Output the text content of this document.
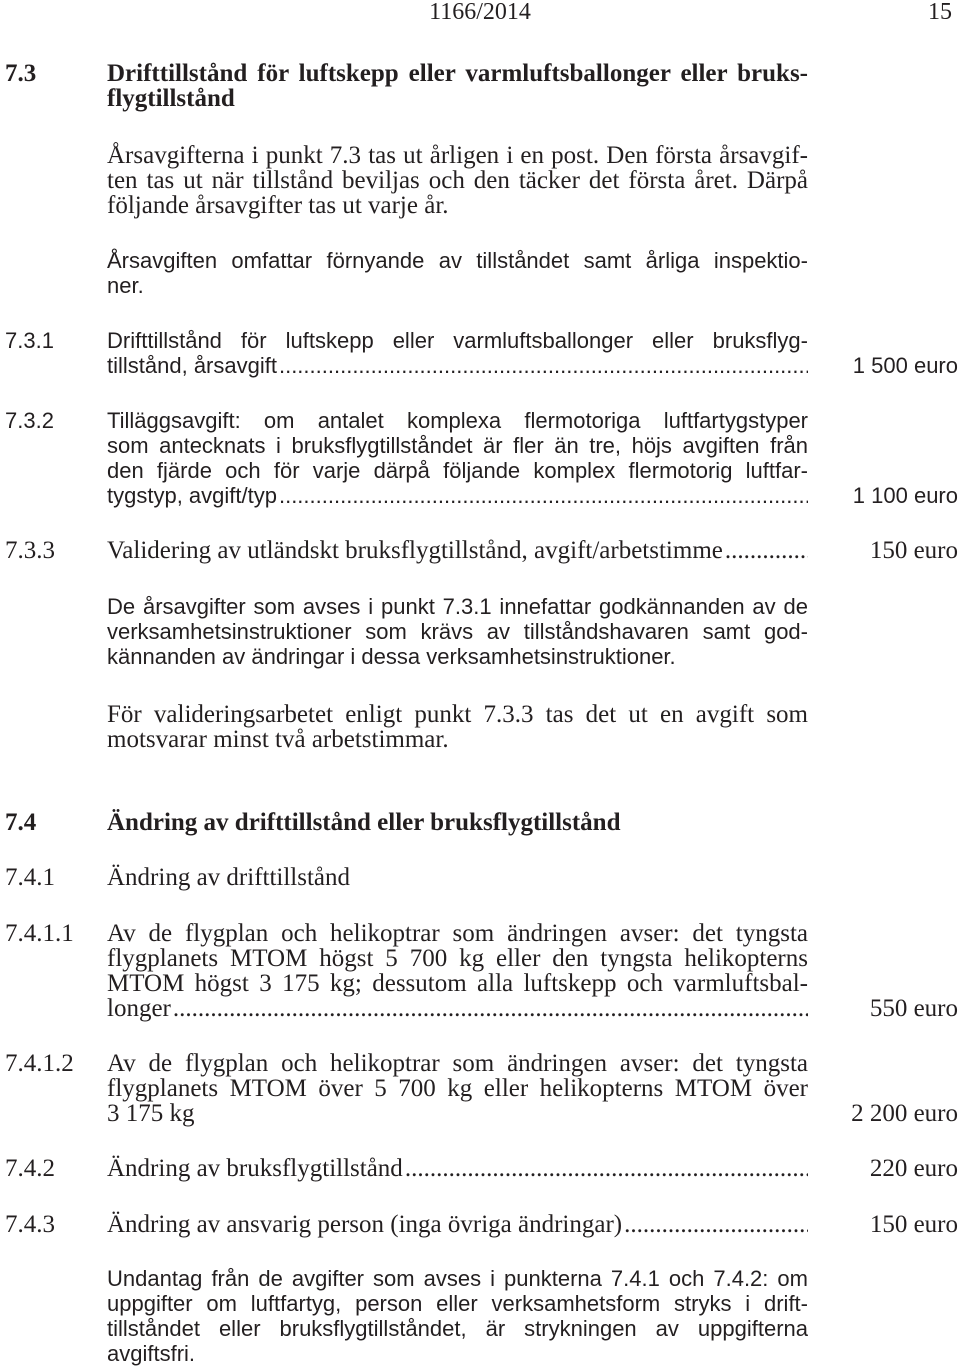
1166/2014	15
7.3	Drifttillstånd för luftskepp eller varmluftsballonger eller bruks-
flygtillstånd
Årsavgifterna i punkt 7.3 tas ut årligen i en post. Den första årsavgif-
ten tas ut när tillstånd beviljas och den täcker det första året. Därpå
följande årsavgifter tas ut varje år.
Årsavgiften omfattar förnyande av tillståndet samt årliga inspektio-
ner.
7.3.1 Drifttillstånd för luftskepp eller varmluftsballonger eller bruksflyg-
tillstånd, årsavgift .....	1 500 euro
7.3.2 Tilläggsavgift: om antalet komplexa flermotoriga luftfartygstyper
som antecknats i bruksflygtillståndet är fler än tre, höjs avgiften från
den fjärde och för varje därpå följande komplex flermotorig luftfar-
tygstyp, avgift/typ .....	1 100 euro
7.3.3 Validering av utländskt bruksflygtillstånd, avgift/arbetstimme .....	150 euro
De årsavgifter som avses i punkt 7.3.1 innefattar godkännanden av de
verksamhetsinstruktioner som krävs av tillståndshavaren samt god-
kännanden av ändringar i dessa verksamhetsinstruktioner.
För valideringsarbetet enligt punkt 7.3.3 tas det ut en avgift som
motsvarar minst två arbetstimmar.
7.4	Ändring av drifttillstånd eller bruksflygtillstånd
7.4.1 Ändring av drifttillstånd
7.4.1.1 Av de flygplan och helikoptrar som ändringen avser: det tyngsta
flygplanets MTOM högst 5 700 kg eller den tyngsta helikopterns
MTOM högst 3 175 kg; dessutom alla luftskepp och varmluftsbal-
longer .....	550 euro
7.4.1.2 Av de flygplan och helikoptrar som ändringen avser: det tyngsta
flygplanets MTOM över 5 700 kg eller helikopterns MTOM över
3 175 kg	2 200 euro
7.4.2 Ändring av bruksflygtillstånd .....	220 euro
7.4.3 Ändring av ansvarig person (inga övriga ändringar) .....	150 euro
Undantag från de avgifter som avses i punkterna 7.4.1 och 7.4.2: om
uppgifter om luftfartyg, person eller verksamhetsform stryks i drift-
tillståndet eller bruksflygtillståndet, är strykningen av uppgifterna
avgiftsfri.
